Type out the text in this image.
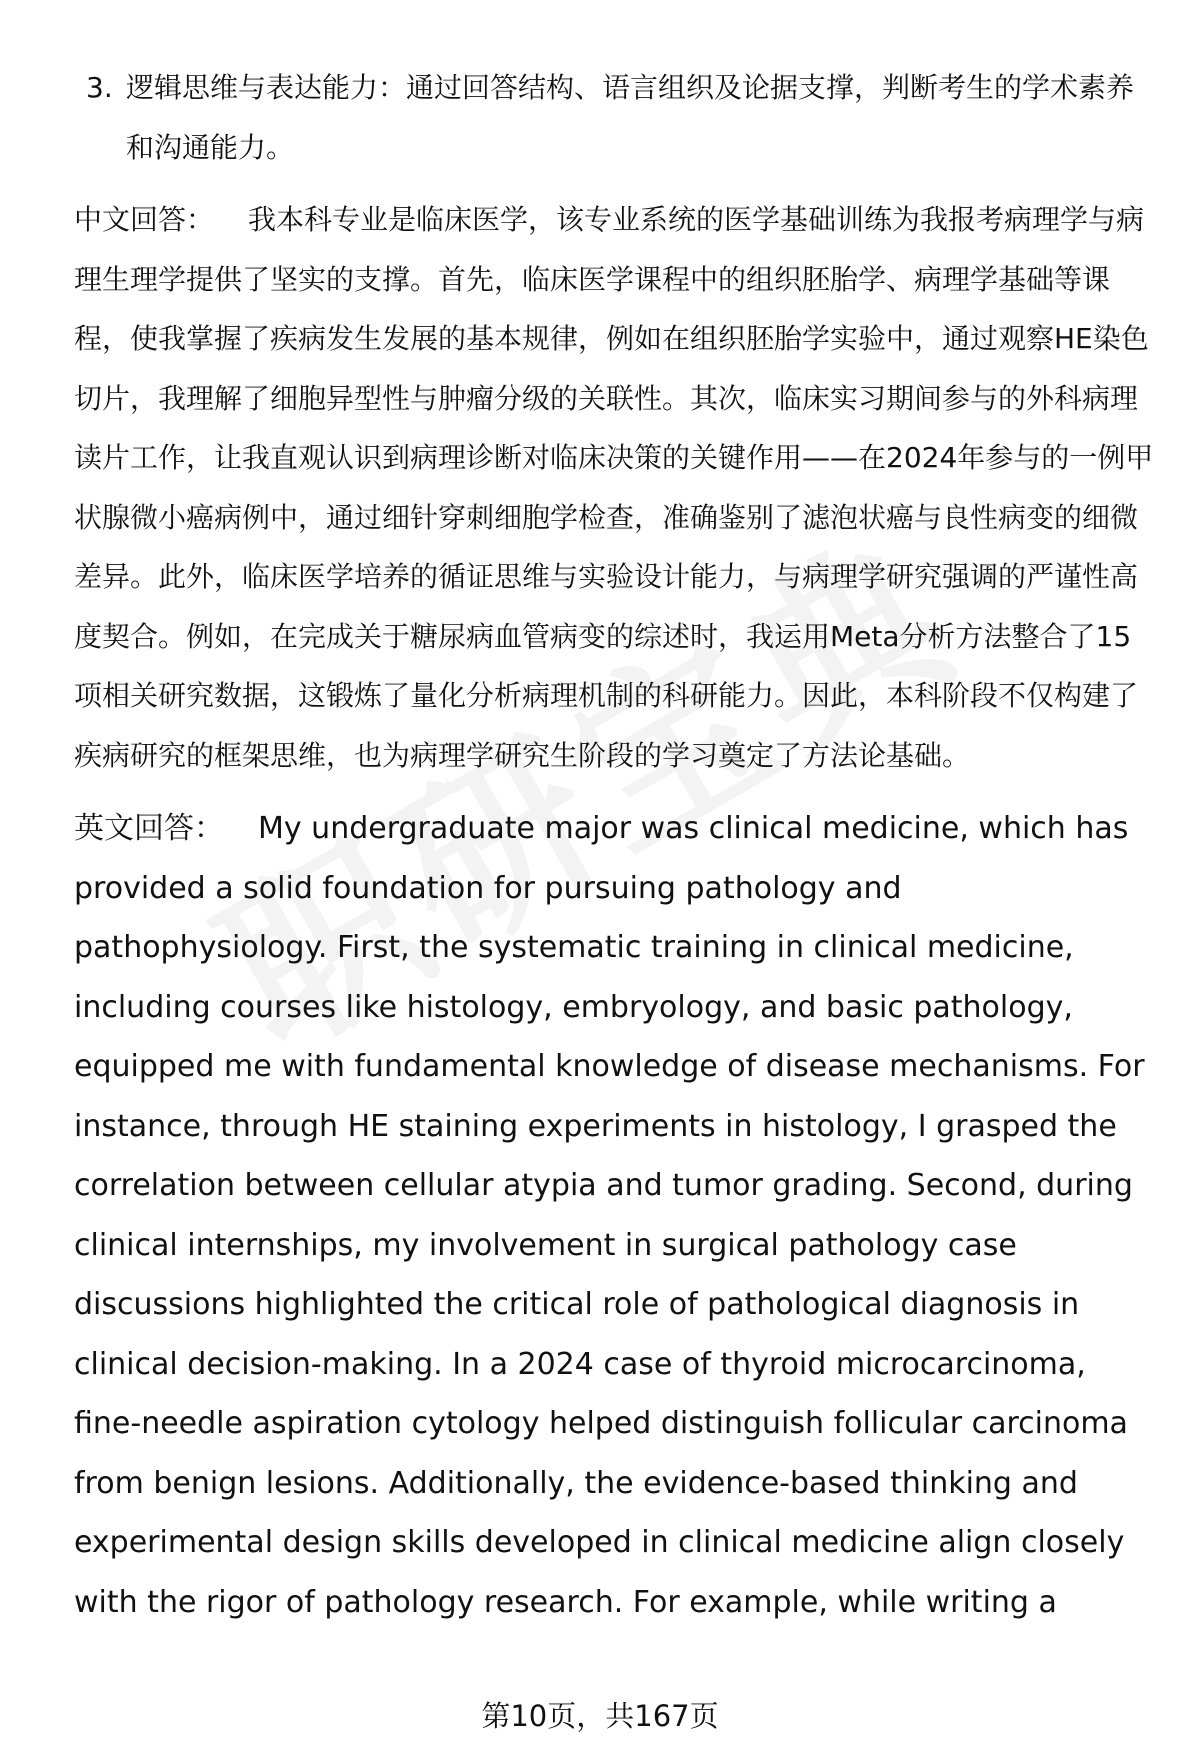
3. 逻辑思维与表达能力：通过回答结构、语言组织及论据支撑，判断考生的学术素养和沟通能力。

中文回答： 我本科专业是临床医学，该专业系统的医学基础训练为我报考病理学与病理生理学提供了坚实的支撑。首先，临床医学课程中的组织胚胎学、病理学基础等课程，使我掌握了疾病发生发展的基本规律，例如在组织胚胎学实验中，通过观察HE染色切片，我理解了细胞异型性与肿瘤分级的关联性。其次，临床实习期间参与的外科病理读片工作，让我直观认识到病理诊断对临床决策的关键作用——在2024年参与的一例甲状腺微小癌病例中，通过细针穿刺细胞学检查，准确鉴别了滤泡状癌与良性病变的细微差异。此外，临床医学培养的循证思维与实验设计能力，与病理学研究强调的严谨性高度契合。例如，在完成关于糖尿病血管病变的综述时，我运用Meta分析方法整合了15项相关研究数据，这锻炼了量化分析病理机制的科研能力。因此，本科阶段不仅构建了疾病研究的框架思维，也为病理学研究生阶段的学习奠定了方法论基础。

英文回答： My undergraduate major was clinical medicine, which has provided a solid foundation for pursuing pathology and pathophysiology. First, the systematic training in clinical medicine, including courses like histology, embryology, and basic pathology, equipped me with fundamental knowledge of disease mechanisms. For instance, through HE staining experiments in histology, I grasped the correlation between cellular atypia and tumor grading. Second, during clinical internships, my involvement in surgical pathology case discussions highlighted the critical role of pathological diagnosis in clinical decision-making. In a 2024 case of thyroid microcarcinoma, fine-needle aspiration cytology helped distinguish follicular carcinoma from benign lesions. Additionally, the evidence-based thinking and experimental design skills developed in clinical medicine align closely with the rigor of pathology research. For example, while writing a

第10页，共167页
